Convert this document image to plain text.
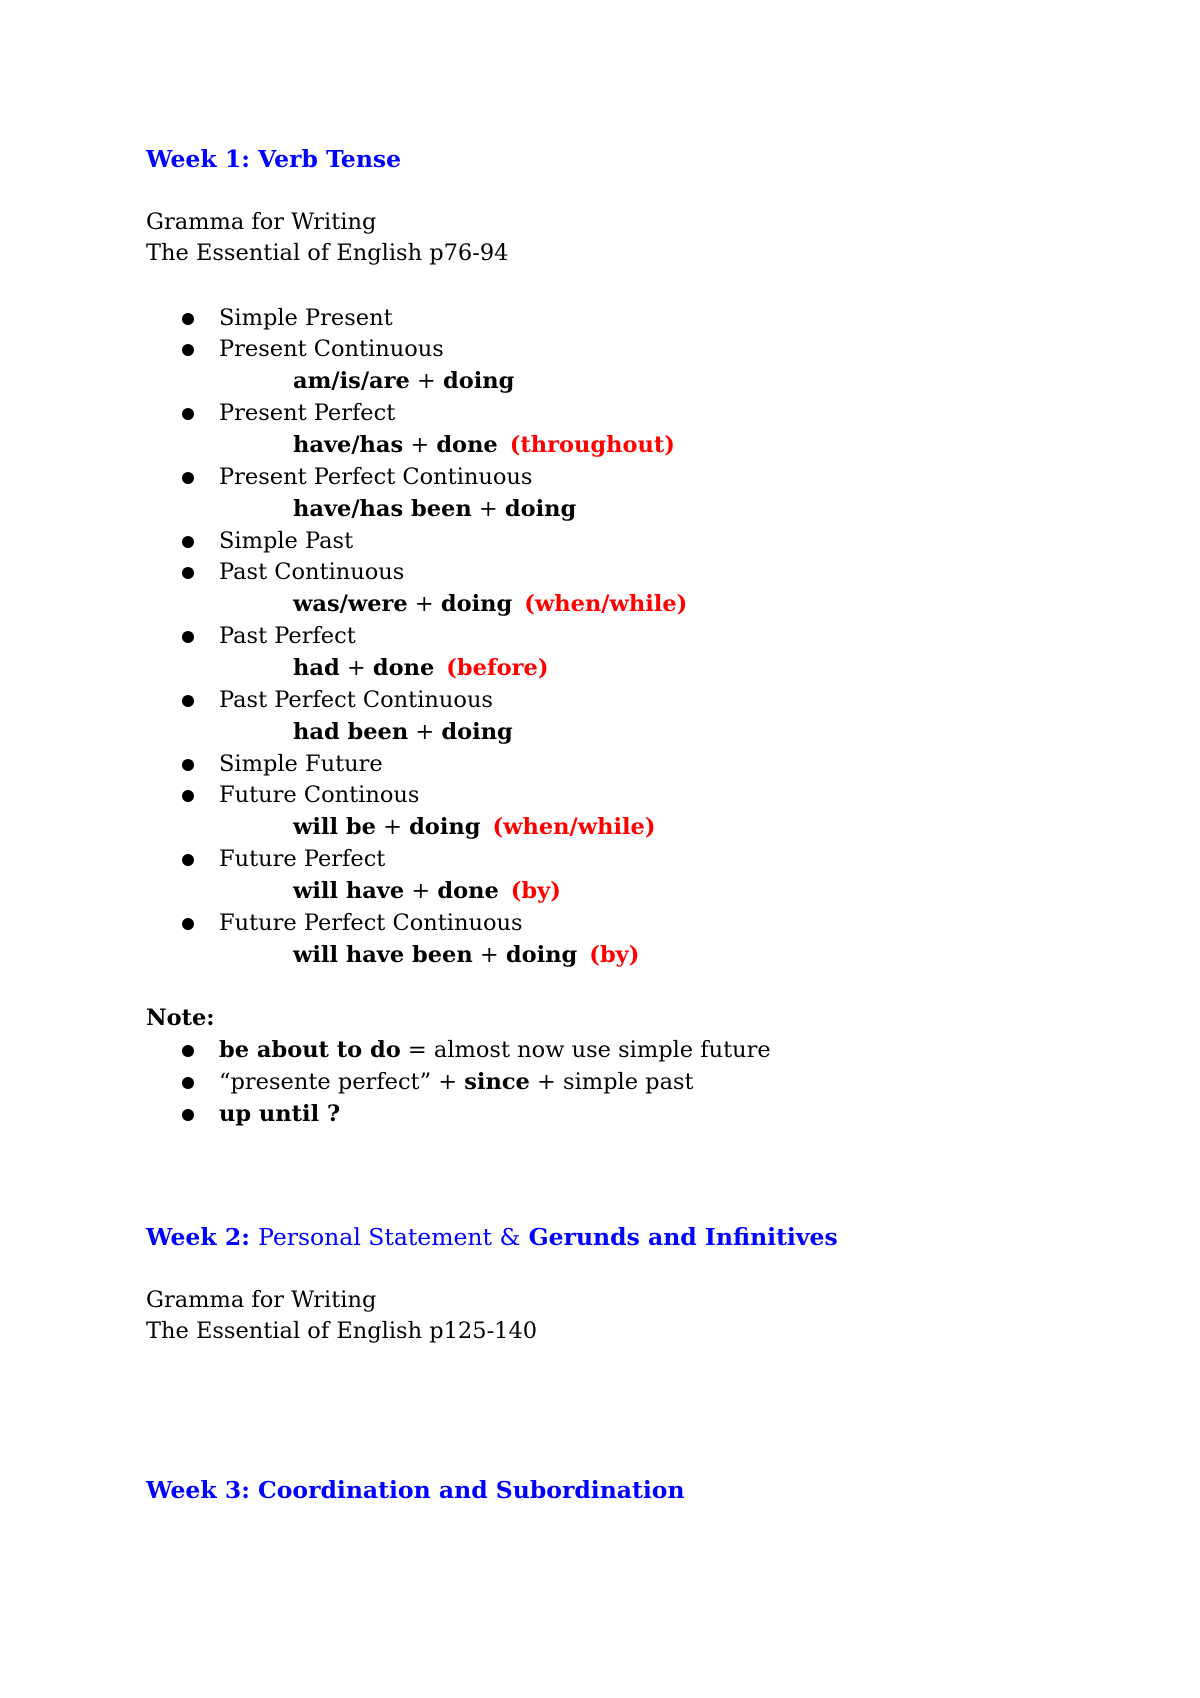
Week 1: Verb Tense
Gramma for Writing
The Essential of English p76-94
Simple Present
Present Continuous
am/is/are + doing
Present Perfect
have/has + done (throughout)
Present Perfect Continuous
have/has been + doing
Simple Past
Past Continuous
was/were + doing (when/while)
Past Perfect
had + done (before)
Past Perfect Continuous
had been + doing
Simple Future
Future Continous
will be + doing (when/while)
Future Perfect
will have + done (by)
Future Perfect Continuous
will have been + doing (by)
Note:
be about to do = almost now use simple future
“presente perfect” + since + simple past
up until ?
Week 2: Personal Statement & Gerunds and Infinitives
Gramma for Writing
The Essential of English p125-140
Week 3: Coordination and Subordination
